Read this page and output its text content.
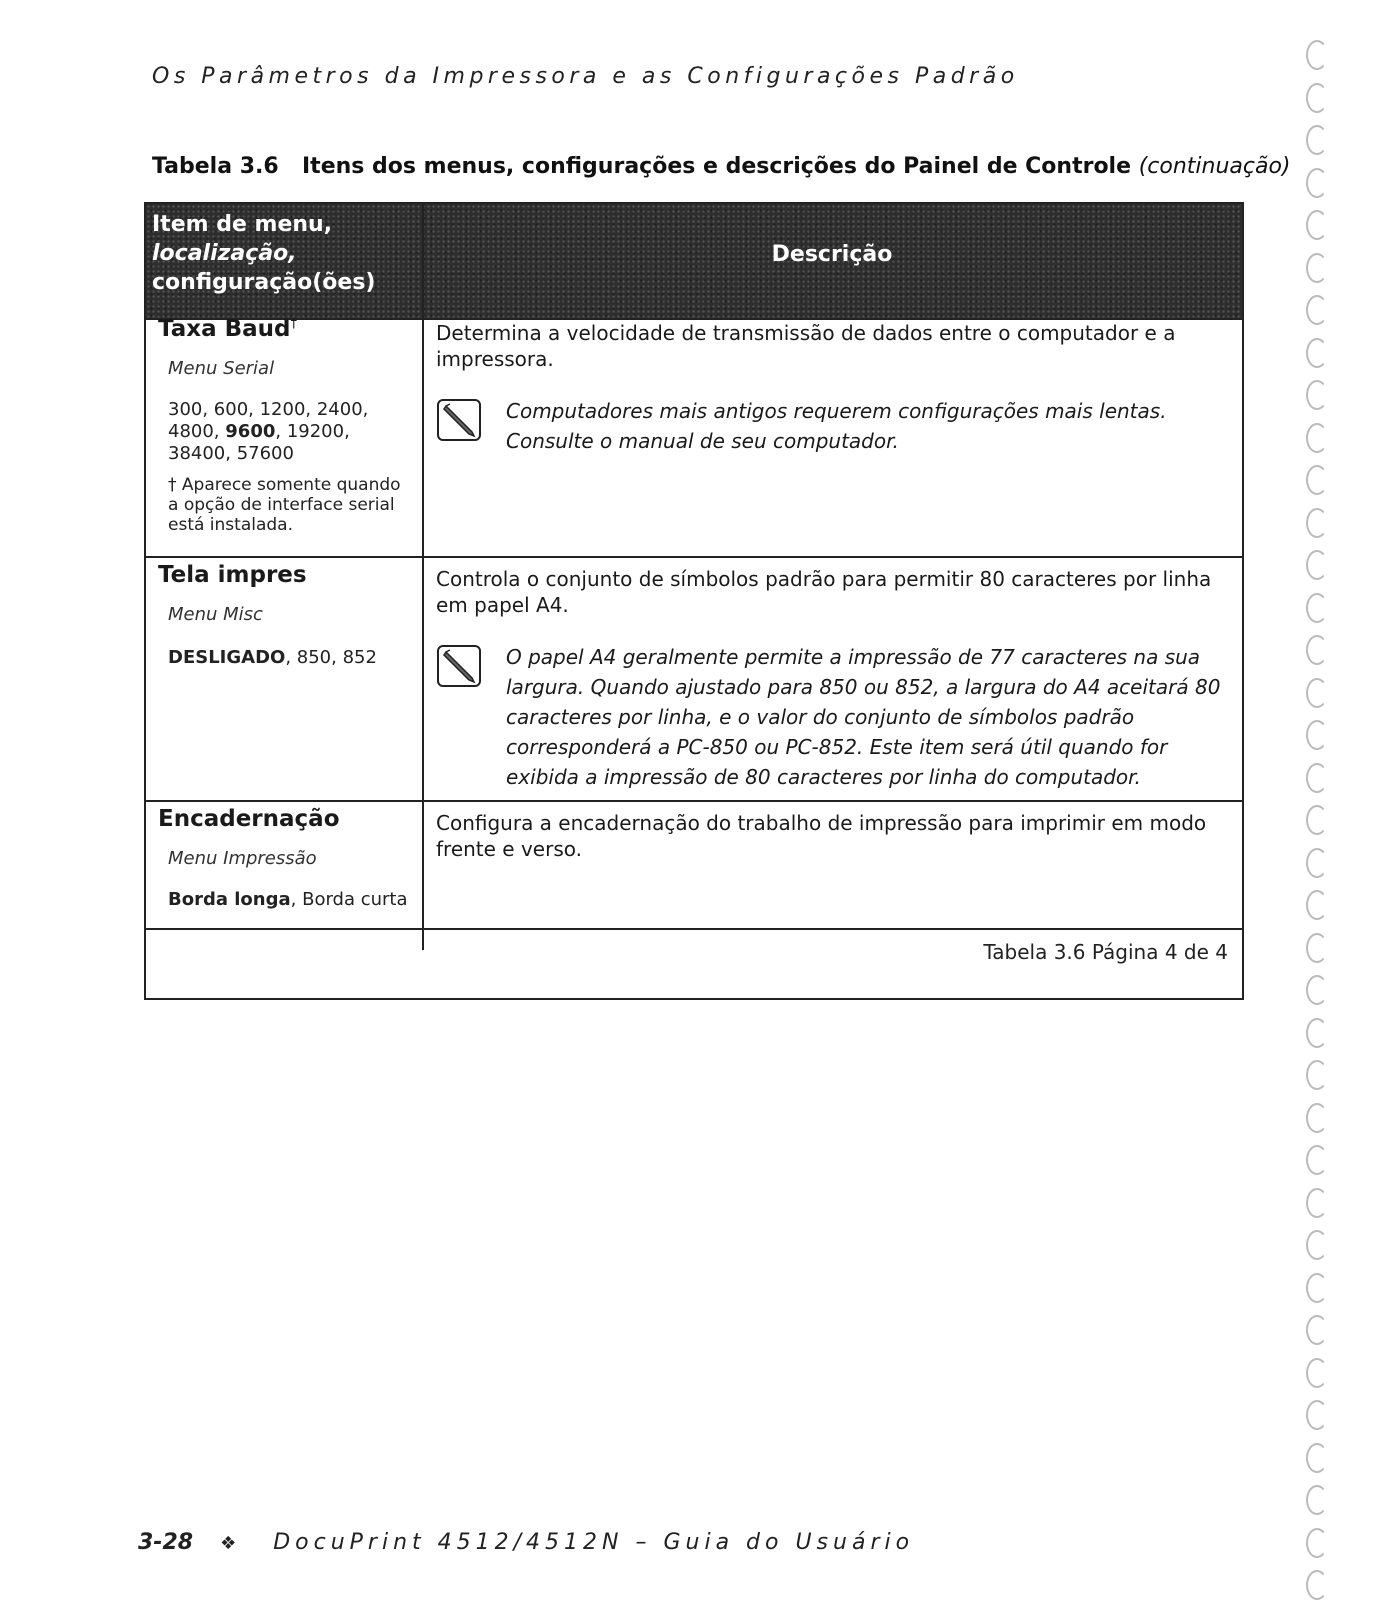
Os Parâmetros da Impressora e as Configurações Padrão
Tabela 3.6 Itens dos menus, configurações e descrições do Painel de Controle (continuação)
Item de menu,
localização,
configuração(ões)
Descrição
Taxa Baud†
Menu Serial
300, 600, 1200, 2400, 4800, 9600, 19200, 38400, 57600
† Aparece somente quando a opção de interface serial está instalada.
Determina a velocidade de transmissão de dados entre o computador e a impressora.
Computadores mais antigos requerem configurações mais lentas. Consulte o manual de seu computador.
Tela impres
Menu Misc
DESLIGADO, 850, 852
Controla o conjunto de símbolos padrão para permitir 80 caracteres por linha em papel A4.
O papel A4 geralmente permite a impressão de 77 caracteres na sua largura. Quando ajustado para 850 ou 852, a largura do A4 aceitará 80 caracteres por linha, e o valor do conjunto de símbolos padrão corresponderá a PC-850 ou PC-852. Este item será útil quando for exibida a impressão de 80 caracteres por linha do computador.
Encadernação
Menu Impressão
Borda longa, Borda curta
Configura a encadernação do trabalho de impressão para imprimir em modo frente e verso.
Tabela 3.6 Página 4 de 4
3-28 ❖ DocuPrint 4512/4512N – Guia do Usuário
